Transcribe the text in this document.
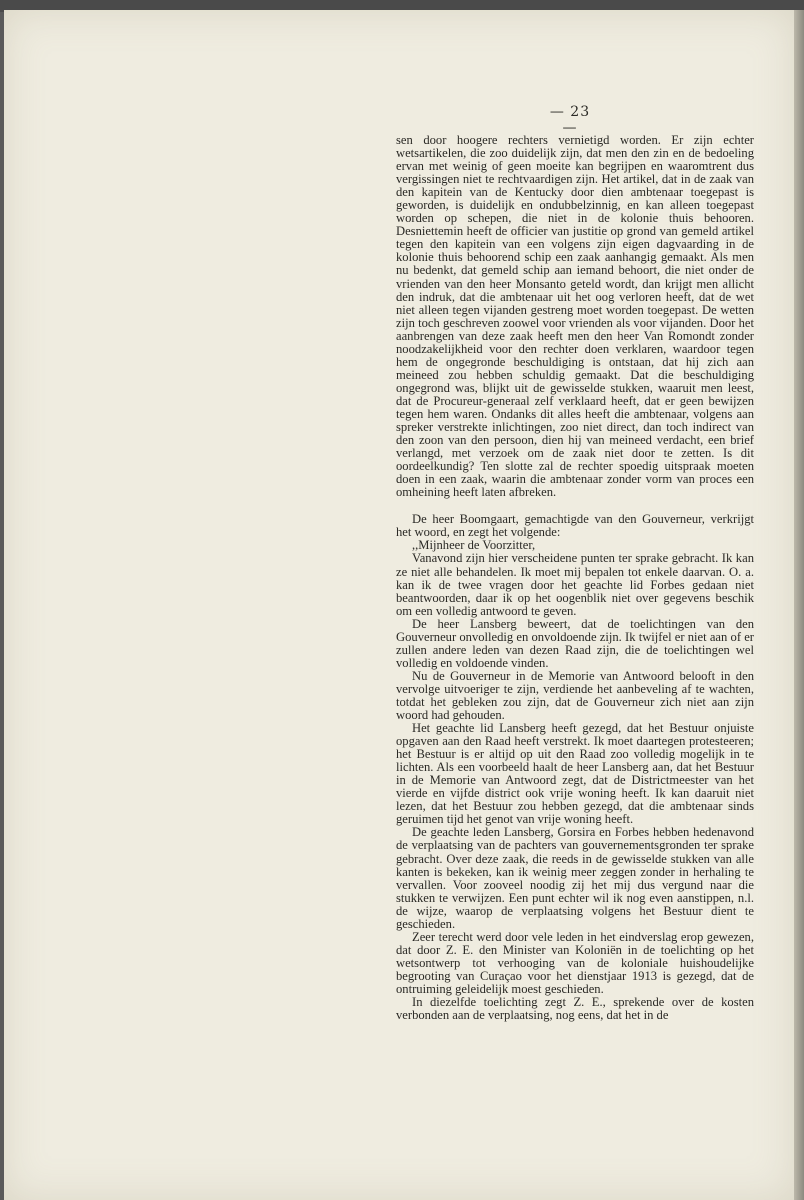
— 23 —

sen door hoogere rechters vernietigd worden. Er zijn echter wetsartikelen, die zoo duidelijk zijn, dat men den zin en de bedoeling ervan met weinig of geen moeite kan begrijpen en waaromtrent dus vergissingen niet te rechtvaardigen zijn. Het artikel, dat in de zaak van den kapitein van de Kentucky door dien ambtenaar toegepast is geworden, is duidelijk en ondubbelzinnig, en kan alleen toegepast worden op schepen, die niet in de kolonie thuis behooren. Desniettemin heeft de officier van justitie op grond van gemeld artikel tegen den kapitein van een volgens zijn eigen dagvaarding in de kolonie thuis behoorend schip een zaak aanhangig gemaakt. Als men nu bedenkt, dat gemeld schip aan iemand behoort, die niet onder de vrienden van den heer Monsanto geteld wordt, dan krijgt men allicht den indruk, dat die ambtenaar uit het oog verloren heeft, dat de wet niet alleen tegen vijanden gestreng moet worden toegepast. De wetten zijn toch geschreven zoowel voor vrienden als voor vijanden. Door het aanbrengen van deze zaak heeft men den heer Van Romondt zonder noodzakelijkheid voor den rechter doen verklaren, waardoor tegen hem de ongegronde beschuldiging is ontstaan, dat hij zich aan meineed zou hebben schuldig gemaakt. Dat die beschuldiging ongegrond was, blijkt uit de gewisselde stukken, waaruit men leest, dat de Procureur-generaal zelf verklaard heeft, dat er geen bewijzen tegen hem waren. Ondanks dit alles heeft die ambtenaar, volgens aan spreker verstrekte inlichtingen, zoo niet direct, dan toch indirect van den zoon van den persoon, dien hij van meineed verdacht, een brief verlangd, met verzoek om de zaak niet door te zetten. Is dit oordeelkundig? Ten slotte zal de rechter spoedig uitspraak moeten doen in een zaak, waarin die ambtenaar zonder vorm van proces een omheining heeft laten afbreken.

De heer Boomgaart, gemachtigde van den Gouverneur, verkrijgt het woord, en zegt het volgende:

,,Mijnheer de Voorzitter,

Vanavond zijn hier verscheidene punten ter sprake gebracht. Ik kan ze niet alle behandelen. Ik moet mij bepalen tot enkele daarvan. O. a. kan ik de twee vragen door het geachte lid Forbes gedaan niet beantwoorden, daar ik op het oogenblik niet over gegevens beschik om een volledig antwoord te geven.

De heer Lansberg beweert, dat de toelichtingen van den Gouverneur onvolledig en onvoldoende zijn. Ik twijfel er niet aan of er zullen andere leden van dezen Raad zijn, die de toelichtingen wel volledig en voldoende vinden.

Nu de Gouverneur in de Memorie van Antwoord belooft in den vervolge uitvoeriger te zijn, verdiende het aanbeveling af te wachten, totdat het gebleken zou zijn, dat de Gouverneur zich niet aan zijn woord had gehouden.

Het geachte lid Lansberg heeft gezegd, dat het Bestuur onjuiste opgaven aan den Raad heeft verstrekt. Ik moet daartegen protesteeren; het Bestuur is er altijd op uit den Raad zoo volledig mogelijk in te lichten. Als een voorbeeld haalt de heer Lansberg aan, dat het Bestuur in de Memorie van Antwoord zegt, dat de Districtmeester van het vierde en vijfde district ook vrije woning heeft. Ik kan daaruit niet lezen, dat het Bestuur zou hebben gezegd, dat die ambtenaar sinds geruimen tijd het genot van vrije woning heeft.

De geachte leden Lansberg, Gorsira en Forbes hebben hedenavond de verplaatsing van de pachters van gouvernementsgronden ter sprake gebracht. Over deze zaak, die reeds in de gewisselde stukken van alle kanten is bekeken, kan ik weinig meer zeggen zonder in herhaling te vervallen. Voor zooveel noodig zij het mij dus vergund naar die stukken te verwijzen. Een punt echter wil ik nog even aanstippen, n.l. de wijze, waarop de verplaatsing volgens het Bestuur dient te geschieden.

Zeer terecht werd door vele leden in het eindverslag erop gewezen, dat door Z. E. den Minister van Koloniën in de toelichting op het wetsontwerp tot verhooging van de koloniale huishoudelijke begrooting van Curaçao voor het dienstjaar 1913 is gezegd, dat de ontruiming geleidelijk moest geschieden.

In diezelfde toelichting zegt Z. E., sprekende over de kosten verbonden aan de verplaatsing, nog eens, dat het in de
